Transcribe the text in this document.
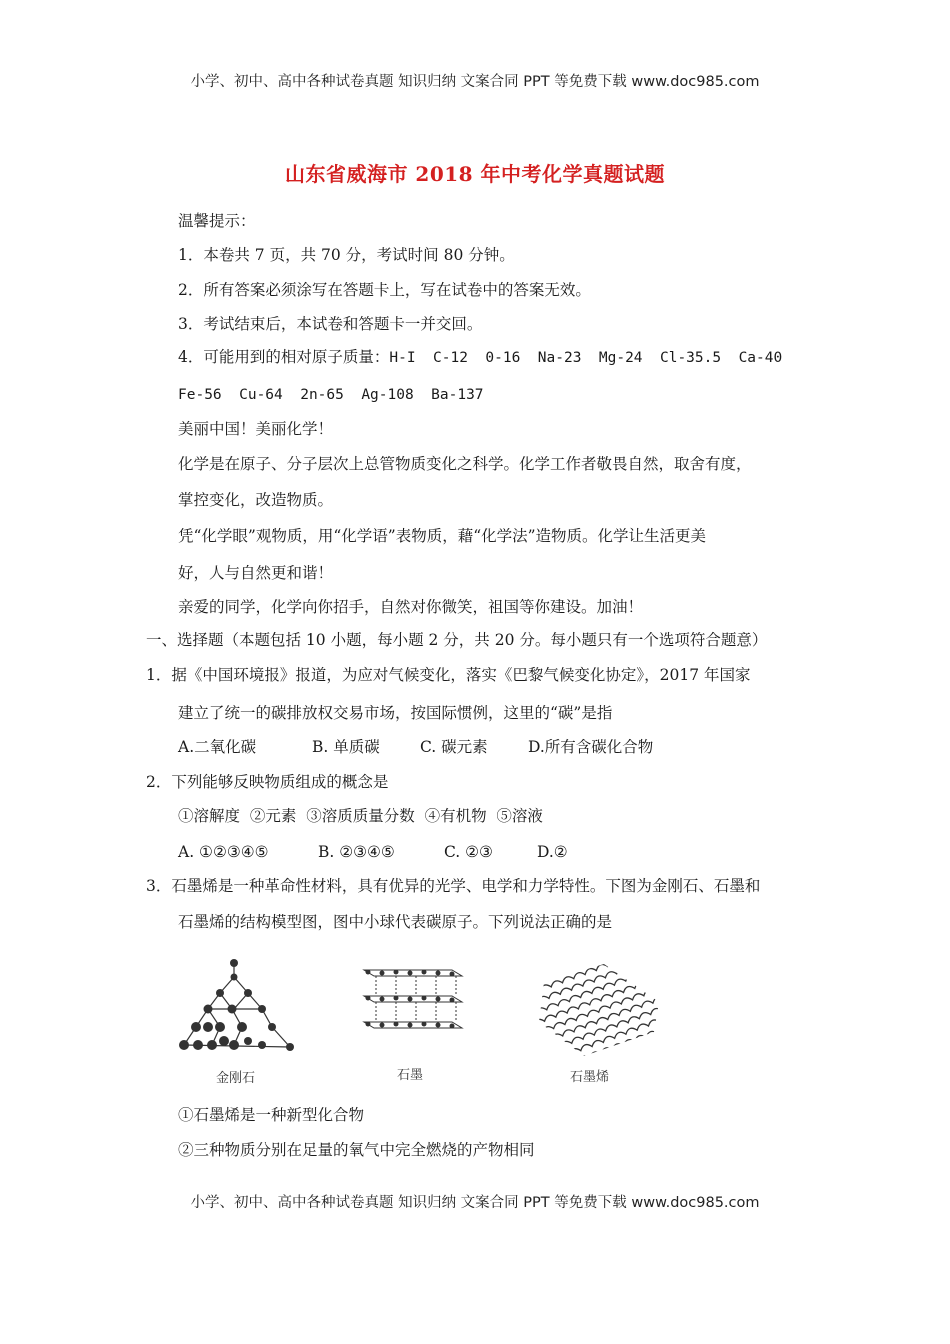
小学、初中、高中各种试卷真题 知识归纳 文案合同 PPT 等免费下载 www.doc985.com
山东省威海市 2018 年中考化学真题试题
温馨提示：
1．本卷共 7 页，共 70 分，考试时间 80 分钟。
2．所有答案必须涂写在答题卡上，写在试卷中的答案无效。
3．考试结束后，本试卷和答题卡一并交回。
4．可能用到的相对原子质量：H-I  C-12  0-16  Na-23  Mg-24  Cl-35.5  Ca-40
Fe-56  Cu-64  2n-65  Ag-108  Ba-137
美丽中国！美丽化学！
化学是在原子、分子层次上总管物质变化之科学。化学工作者敬畏自然，取舍有度，
掌控变化，改造物质。
凭“化学眼”观物质，用“化学语”表物质，藉“化学法”造物质。化学让生活更美
好，人与自然更和谐！
亲爱的同学，化学向你招手，自然对你微笑，祖国等你建设。加油！
一、选择题（本题包括 10 小题，每小题 2 分，共 20 分。每小题只有一个选项符合题意）
1．据《中国环境报》报道，为应对气候变化，落实《巴黎气候变化协定》，2017 年国家
建立了统一的碳排放权交易市场，按国际惯例，这里的“碳”是指
A.二氧化碳	B. 单质碳	C. 碳元素	D.所有含碳化合物
2．下列能够反映物质组成的概念是
①溶解度  ②元素  ③溶质质量分数  ④有机物  ⑤溶液
A. ①②③④⑤	B. ②③④⑤	C. ②③	D.②
3．石墨烯是一种革命性材料，具有优异的光学、电学和力学特性。下图为金刚石、石墨和
石墨烯的结构模型图，图中小球代表碳原子。下列说法正确的是
金刚石	石墨	石墨烯
①石墨烯是一种新型化合物
②三种物质分别在足量的氧气中完全燃烧的产物相同
小学、初中、高中各种试卷真题 知识归纳 文案合同 PPT 等免费下载 www.doc985.com
